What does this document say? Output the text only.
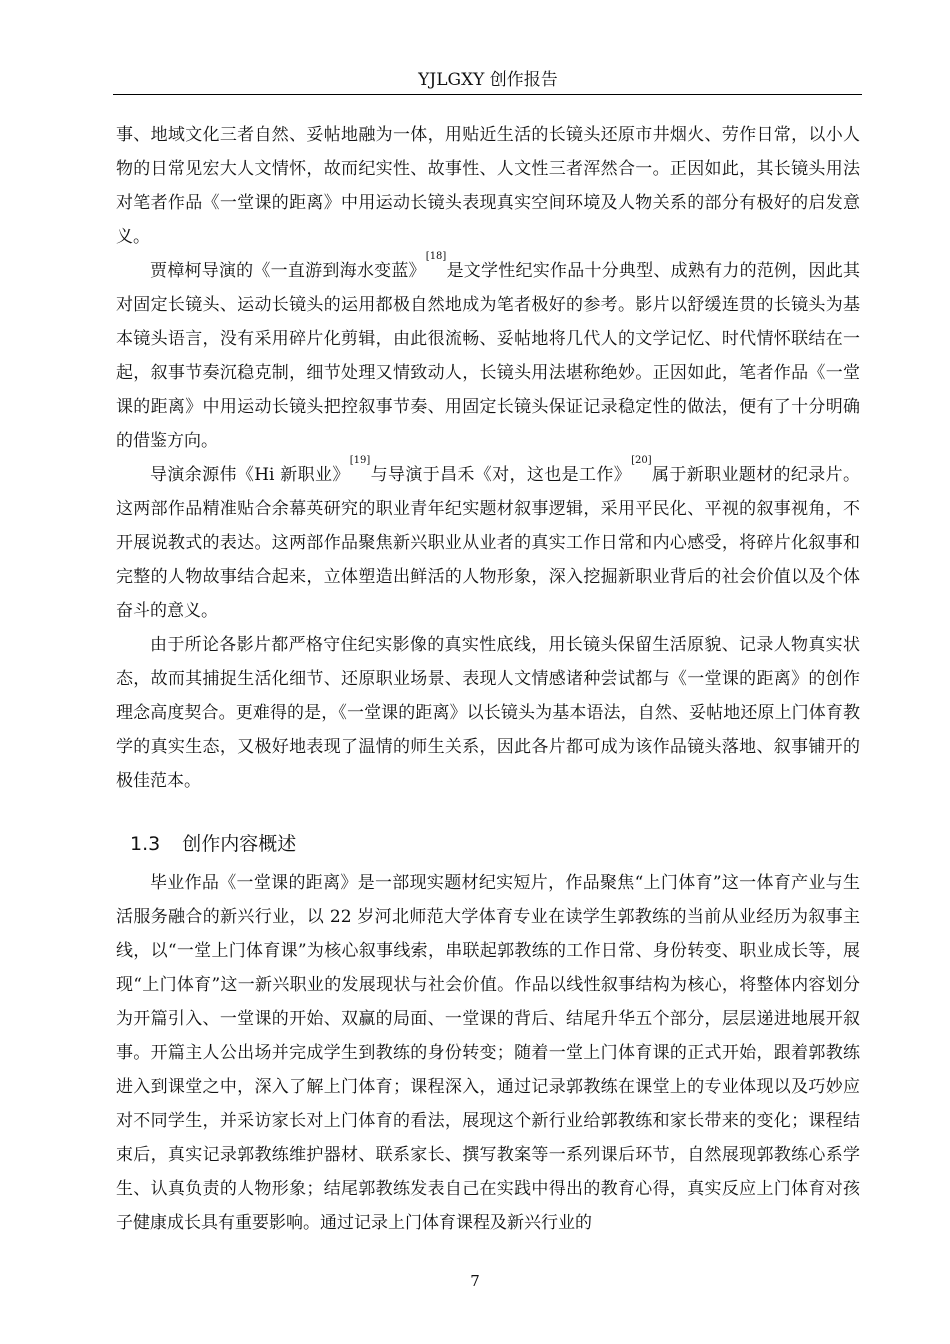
YJLGXY 创作报告

事、地域文化三者自然、妥帖地融为一体，用贴近生活的长镜头还原市井烟火、劳作日常，以小人物的日常见宏大人文情怀，故而纪实性、故事性、人文性三者浑然合一。正因如此，其长镜头用法对笔者作品《一堂课的距离》中用运动长镜头表现真实空间环境及人物关系的部分有极好的启发意义。

贾樟柯导演的《一直游到海水变蓝》[18]是文学性纪实作品十分典型、成熟有力的范例，因此其对固定长镜头、运动长镜头的运用都极自然地成为笔者极好的参考。影片以舒缓连贯的长镜头为基本镜头语言，没有采用碎片化剪辑，由此很流畅、妥帖地将几代人的文学记忆、时代情怀联结在一起，叙事节奏沉稳克制，细节处理又情致动人，长镜头用法堪称绝妙。正因如此，笔者作品《一堂课的距离》中用运动长镜头把控叙事节奏、用固定长镜头保证记录稳定性的做法，便有了十分明确的借鉴方向。

导演余源伟《Hi 新职业》[19]与导演于昌禾《对，这也是工作》[20]属于新职业题材的纪录片。这两部作品精准贴合余幕英研究的职业青年纪实题材叙事逻辑，采用平民化、平视的叙事视角，不开展说教式的表达。这两部作品聚焦新兴职业从业者的真实工作日常和内心感受，将碎片化叙事和完整的人物故事结合起来，立体塑造出鲜活的人物形象，深入挖掘新职业背后的社会价值以及个体奋斗的意义。

由于所论各影片都严格守住纪实影像的真实性底线，用长镜头保留生活原貌、记录人物真实状态，故而其捕捉生活化细节、还原职业场景、表现人文情感诸种尝试都与《一堂课的距离》的创作理念高度契合。更难得的是，《一堂课的距离》以长镜头为基本语法，自然、妥帖地还原上门体育教学的真实生态，又极好地表现了温情的师生关系，因此各片都可成为该作品镜头落地、叙事铺开的极佳范本。

1.3 创作内容概述

毕业作品《一堂课的距离》是一部现实题材纪实短片，作品聚焦“上门体育”这一体育产业与生活服务融合的新兴行业，以 22 岁河北师范大学体育专业在读学生郭教练的当前从业经历为叙事主线，以“一堂上门体育课”为核心叙事线索，串联起郭教练的工作日常、身份转变、职业成长等，展现“上门体育”这一新兴职业的发展现状与社会价值。作品以线性叙事结构为核心，将整体内容划分为开篇引入、一堂课的开始、双赢的局面、一堂课的背后、结尾升华五个部分，层层递进地展开叙事。开篇主人公出场并完成学生到教练的身份转变；随着一堂上门体育课的正式开始，跟着郭教练进入到课堂之中，深入了解上门体育；课程深入，通过记录郭教练在课堂上的专业体现以及巧妙应对不同学生，并采访家长对上门体育的看法，展现这个新行业给郭教练和家长带来的变化；课程结束后，真实记录郭教练维护器材、联系家长、撰写教案等一系列课后环节，自然展现郭教练心系学生、认真负责的人物形象；结尾郭教练发表自己在实践中得出的教育心得，真实反应上门体育对孩子健康成长具有重要影响。通过记录上门体育课程及新兴行业的

7
